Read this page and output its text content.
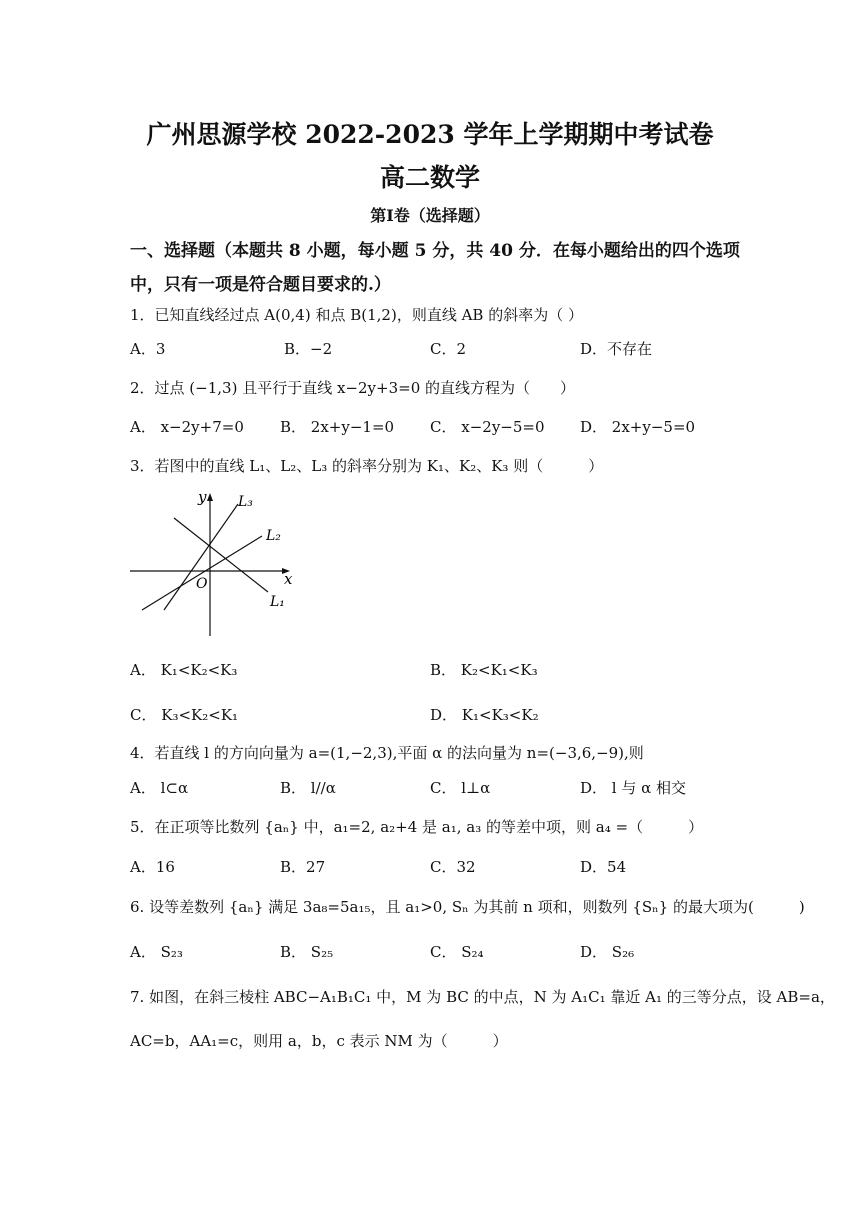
广州思源学校 2022-2023 学年上学期期中考试卷
高二数学
第I卷（选择题）
一、选择题（本题共 8 小题，每小题 5 分，共 40 分．在每小题给出的四个选项
中，只有一项是符合题目要求的.）
1．已知直线经过点 A(0,4) 和点 B(1,2)，则直线 AB 的斜率为（ ）
A．3	B．−2	C．2	D．不存在
2．过点 (−1,3) 且平行于直线 x−2y+3=0 的直线方程为（　　）
A． x−2y+7=0 B． 2x+y−1=0 C． x−2y−5=0 D． 2x+y−5=0
3．若图中的直线 L₁、L₂、L₃ 的斜率分别为 K₁、K₂、K₃ 则（　　　）
y
x
O
L₁
L₂
L₃
A． K₁<K₂<K₃	B． K₂<K₁<K₃
C． K₃<K₂<K₁	D． K₁<K₃<K₂
4．若直线 l 的方向向量为 a=(1,−2,3),平面 α 的法向量为 n=(−3,6,−9),则
A． l⊂α	B． l//α	C． l⊥α	D． l 与 α 相交
5．在正项等比数列 {aₙ} 中，a₁=2, a₂+4 是 a₁, a₃ 的等差中项，则 a₄ =（　　　）
A．16	B．27	C．32	D．54
6. 设等差数列 {aₙ} 满足 3a₈=5a₁₅，且 a₁>0, Sₙ 为其前 n 项和，则数列 {Sₙ} 的最大项为(　　　)
A． S₂₃	B． S₂₅	C． S₂₄	D． S₂₆
7. 如图，在斜三棱柱 ABC−A₁B₁C₁ 中，M 为 BC 的中点，N 为 A₁C₁ 靠近 A₁ 的三等分点，设 AB=a，
AC=b，AA₁=c，则用 a，b，c 表示 NM 为（　　　）
